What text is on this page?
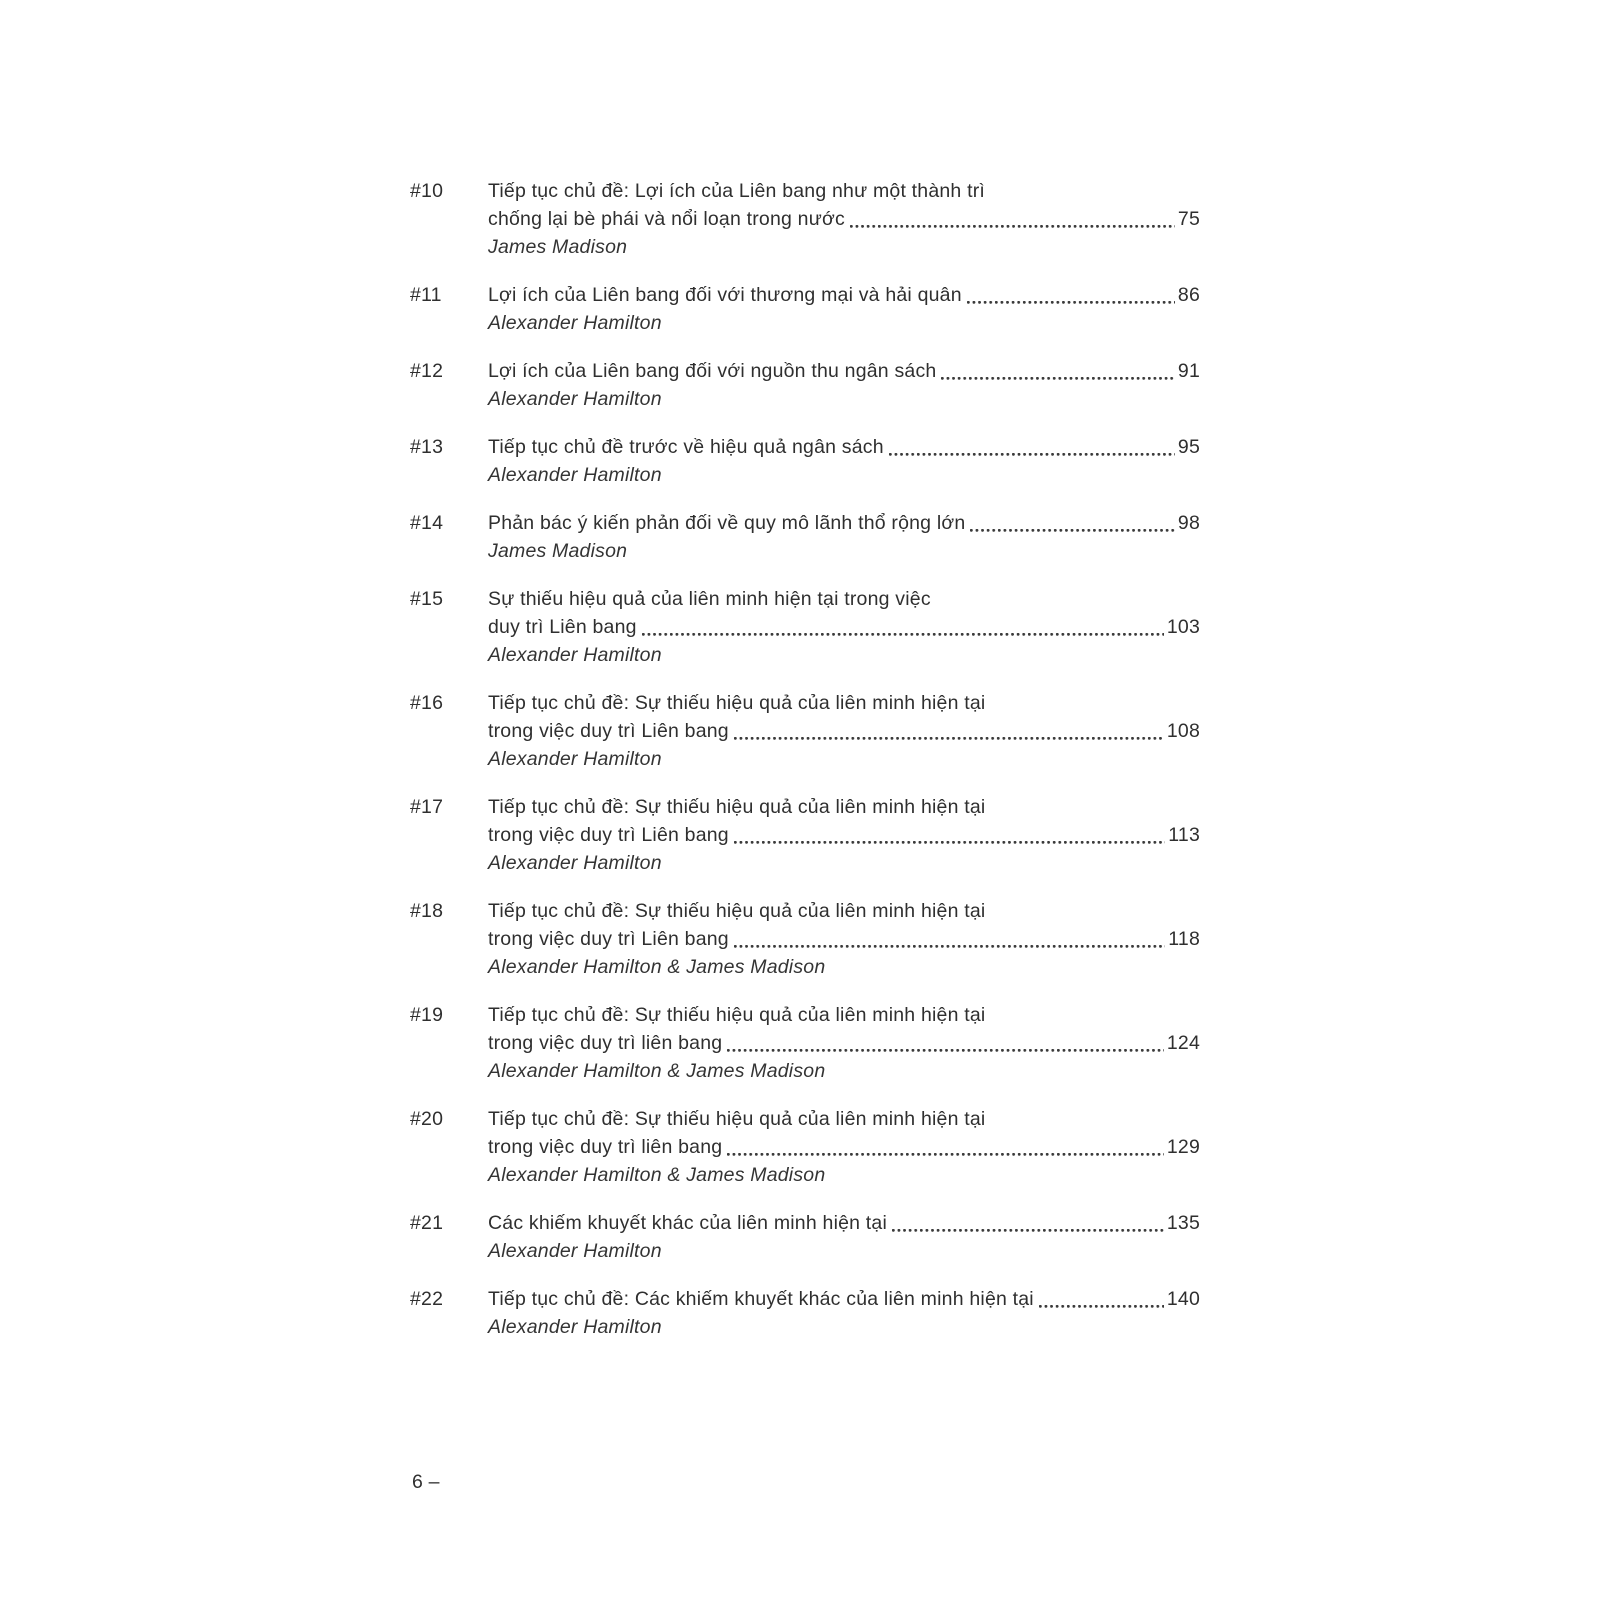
#10	Tiếp tục chủ đề: Lợi ích của Liên bang như một thành trì
chống lại bè phái và nổi loạn trong nước	75
James Madison
#11	Lợi ích của Liên bang đối với thương mại và hải quân	86
Alexander Hamilton
#12	Lợi ích của Liên bang đối với nguồn thu ngân sách	91
Alexander Hamilton
#13	Tiếp tục chủ đề trước về hiệu quả ngân sách	95
Alexander Hamilton
#14	Phản bác ý kiến phản đối về quy mô lãnh thổ rộng lớn	98
James Madison
#15	Sự thiếu hiệu quả của liên minh hiện tại trong việc
duy trì Liên bang	103
Alexander Hamilton
#16	Tiếp tục chủ đề: Sự thiếu hiệu quả của liên minh hiện tại
trong việc duy trì Liên bang	108
Alexander Hamilton
#17	Tiếp tục chủ đề: Sự thiếu hiệu quả của liên minh hiện tại
trong việc duy trì Liên bang	113
Alexander Hamilton
#18	Tiếp tục chủ đề: Sự thiếu hiệu quả của liên minh hiện tại
trong việc duy trì Liên bang	118
Alexander Hamilton & James Madison
#19	Tiếp tục chủ đề: Sự thiếu hiệu quả của liên minh hiện tại
trong việc duy trì liên bang	124
Alexander Hamilton & James Madison
#20	Tiếp tục chủ đề: Sự thiếu hiệu quả của liên minh hiện tại
trong việc duy trì liên bang	129
Alexander Hamilton & James Madison
#21	Các khiếm khuyết khác của liên minh hiện tại	135
Alexander Hamilton
#22	Tiếp tục chủ đề: Các khiếm khuyết khác của liên minh hiện tại	140
Alexander Hamilton
6 –
